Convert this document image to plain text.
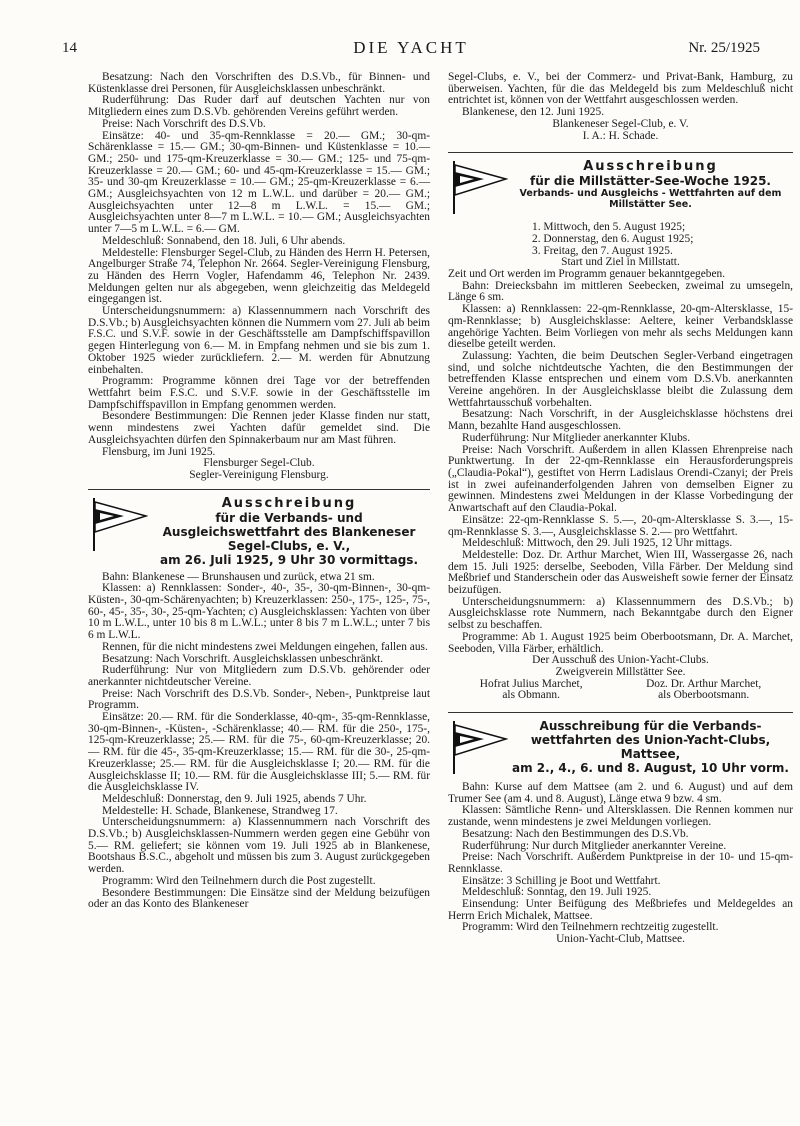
14	DIE YACHT	Nr. 25/1925

Besatzung: Nach den Vorschriften des D.S.Vb., für Binnen- und Küstenklasse drei Personen, für Ausgleichsklassen unbeschränkt.

Ruderführung: Das Ruder darf auf deutschen Yachten nur von Mitgliedern eines zum D.S.Vb. gehörenden Vereins geführt werden.

Preise: Nach Vorschrift des D.S.Vb.

Einsätze: 40- und 35-qm-Rennklasse = 20.— GM.; 30-qm-Schärenklasse = 15.— GM.; 30-qm-Binnen- und Küstenklasse = 10.— GM.; 250- und 175-qm-Kreuzerklasse = 30.— GM.; 125- und 75-qm-Kreuzerklasse = 20.— GM.; 60- und 45-qm-Kreuzerklasse = 15.— GM.; 35- und 30-qm Kreuzerklasse = 10.— GM.; 25-qm-Kreuzerklasse = 6.— GM.; Ausgleichsyachten von 12 m L.W.L. und darüber = 20.— GM.; Ausgleichsyachten unter 12—8 m L.W.L. = 15.— GM.; Ausgleichsyachten unter 8—7 m L.W.L. = 10.— GM.; Ausgleichsyachten unter 7—5 m L.W.L. = 6.— GM.

Meldeschluß: Sonnabend, den 18. Juli, 6 Uhr abends.

Meldestelle: Flensburger Segel-Club, zu Händen des Herrn H. Petersen, Angelburger Straße 74, Telephon Nr. 2664. Segler-Vereinigung Flensburg, zu Händen des Herrn Vogler, Hafendamm 46, Telephon Nr. 2439. Meldungen gelten nur als abgegeben, wenn gleichzeitig das Meldegeld eingegangen ist.

Unterscheidungsnummern: a) Klassennummern nach Vorschrift des D.S.Vb.; b) Ausgleichsyachten können die Nummern vom 27. Juli ab beim F.S.C. und S.V.F. sowie in der Geschäftsstelle am Dampfschiffspavillon gegen Hinterlegung von 6.— M. in Empfang nehmen und sie bis zum 1. Oktober 1925 wieder zurückliefern. 2.— M. werden für Abnutzung einbehalten.

Programm: Programme können drei Tage vor der betreffenden Wettfahrt beim F.S.C. und S.V.F. sowie in der Geschäftsstelle im Dampfschiffspavillon in Empfang genommen werden.

Besondere Bestimmungen: Die Rennen jeder Klasse finden nur statt, wenn mindestens zwei Yachten dafür gemeldet sind. Die Ausgleichsyachten dürfen den Spinnakerbaum nur am Mast führen.

Flensburg, im Juni 1925.

Flensburger Segel-Club.

Segler-Vereinigung Flensburg.

Ausschreibung
für die Verbands- und Ausgleichswettfahrt des Blankeneser Segel-Clubs, e. V.,
am 26. Juli 1925, 9 Uhr 30 vormittags.

Bahn: Blankenese — Brunshausen und zurück, etwa 21 sm.

Klassen: a) Rennklassen: Sonder-, 40-, 35-, 30-qm-Binnen-, 30-qm-Küsten-, 30-qm-Schärenyachten; b) Kreuzerklassen: 250-, 175-, 125-, 75-, 60-, 45-, 35-, 30-, 25-qm-Yachten; c) Ausgleichsklassen: Yachten von über 10 m L.W.L., unter 10 bis 8 m L.W.L.; unter 8 bis 7 m L.W.L.; unter 7 bis 6 m L.W.L.

Rennen, für die nicht mindestens zwei Meldungen eingehen, fallen aus.

Besatzung: Nach Vorschrift. Ausgleichsklassen unbeschränkt.

Ruderführung: Nur von Mitgliedern zum D.S.Vb. gehörender oder anerkannter nichtdeutscher Vereine.

Preise: Nach Vorschrift des D.S.Vb. Sonder-, Neben-, Punktpreise laut Programm.

Einsätze: 20.— RM. für die Sonderklasse, 40-qm-, 35-qm-Rennklasse, 30-qm-Binnen-, -Küsten-, -Schärenklasse; 40.— RM. für die 250-, 175-, 125-qm-Kreuzerklasse; 25.— RM. für die 75-, 60-qm-Kreuzerklasse; 20.— RM. für die 45-, 35-qm-Kreuzerklasse; 15.— RM. für die 30-, 25-qm-Kreuzerklasse; 25.— RM. für die Ausgleichsklasse I; 20.— RM. für die Ausgleichsklasse II; 10.— RM. für die Ausgleichsklasse III; 5.— RM. für die Ausgleichsklasse IV.

Meldeschluß: Donnerstag, den 9. Juli 1925, abends 7 Uhr.

Meldestelle: H. Schade, Blankenese, Strandweg 17.

Unterscheidungsnummern: a) Klassennummern nach Vorschrift des D.S.Vb.; b) Ausgleichsklassen-Nummern werden gegen eine Gebühr von 5.— RM. geliefert; sie können vom 19. Juli 1925 ab in Blankenese, Bootshaus B.S.C., abgeholt und müssen bis zum 3. August zurückgegeben werden.

Programm: Wird den Teilnehmern durch die Post zugestellt.

Besondere Bestimmungen: Die Einsätze sind der Meldung beizufügen oder an das Konto des Blankeneser

Segel-Clubs, e. V., bei der Commerz- und Privat-Bank, Hamburg, zu überweisen. Yachten, für die das Meldegeld bis zum Meldeschluß nicht entrichtet ist, können von der Wettfahrt ausgeschlossen werden.

Blankenese, den 12. Juni 1925.

Blankeneser Segel-Club, e. V.

I. A.: H. Schade.

Ausschreibung
für die Millstätter-See-Woche 1925.
Verbands- und Ausgleichs - Wettfahrten auf dem Millstätter See.

1. Mittwoch, den 5. August 1925;

2. Donnerstag, den 6. August 1925;

3. Freitag, den 7. August 1925.

Start und Ziel in Millstatt.

Zeit und Ort werden im Programm genauer bekanntgegeben.

Bahn: Dreiecksbahn im mittleren Seebecken, zweimal zu umsegeln, Länge 6 sm.

Klassen: a) Rennklassen: 22-qm-Rennklasse, 20-qm-Altersklasse, 15-qm-Rennklasse; b) Ausgleichsklasse: Aeltere, keiner Verbandsklasse angehörige Yachten. Beim Vorliegen von mehr als sechs Meldungen kann dieselbe geteilt werden.

Zulassung: Yachten, die beim Deutschen Segler-Verband eingetragen sind, und solche nichtdeutsche Yachten, die den Bestimmungen der betreffenden Klasse entsprechen und einem vom D.S.Vb. anerkannten Vereine angehören. In der Ausgleichsklasse bleibt die Zulassung dem Wettfahrtausschuß vorbehalten.

Besatzung: Nach Vorschrift, in der Ausgleichsklasse höchstens drei Mann, bezahlte Hand ausgeschlossen.

Ruderführung: Nur Mitglieder anerkannter Klubs.

Preise: Nach Vorschrift. Außerdem in allen Klassen Ehrenpreise nach Punktwertung. In der 22-qm-Rennklasse ein Herausforderungspreis („Claudia-Pokal“), gestiftet von Herrn Ladislaus Orendi-Czanyi; der Preis ist in zwei aufeinanderfolgenden Jahren von demselben Eigner zu gewinnen. Mindestens zwei Meldungen in der Klasse Vorbedingung der Anwartschaft auf den Claudia-Pokal.

Einsätze: 22-qm-Rennklasse S. 5.—, 20-qm-Altersklasse S. 3.—, 15-qm-Rennklasse S. 3.—, Ausgleichsklasse S. 2.— pro Wettfahrt.

Meldeschluß: Mittwoch, den 29. Juli 1925, 12 Uhr mittags.

Meldestelle: Doz. Dr. Arthur Marchet, Wien III, Wassergasse 26, nach dem 15. Juli 1925: derselbe, Seeboden, Villa Färber. Der Meldung sind Meßbrief und Standerschein oder das Ausweisheft sowie ferner der Einsatz beizufügen.

Unterscheidungsnummern: a) Klassennummern des D.S.Vb.; b) Ausgleichsklasse rote Nummern, nach Bekanntgabe durch den Eigner selbst zu beschaffen.

Programme: Ab 1. August 1925 beim Oberbootsmann, Dr. A. Marchet, Seeboden, Villa Färber, erhältlich.

Der Ausschuß des Union-Yacht-Clubs.

Zweigverein Millstätter See.

Hofrat Julius Marchet,
als Obmann.
Doz. Dr. Arthur Marchet,
als Oberbootsmann.
Ausschreibung für die Verbands-
wettfahrten des Union-Yacht-Clubs, Mattsee,
am 2., 4., 6. und 8. August, 10 Uhr vorm.

Bahn: Kurse auf dem Mattsee (am 2. und 6. August) und auf dem Trumer See (am 4. und 8. August), Länge etwa 9 bzw. 4 sm.

Klassen: Sämtliche Renn- und Altersklassen. Die Rennen kommen nur zustande, wenn mindestens je zwei Meldungen vorliegen.

Besatzung: Nach den Bestimmungen des D.S.Vb.

Ruderführung: Nur durch Mitglieder anerkannter Vereine.

Preise: Nach Vorschrift. Außerdem Punktpreise in der 10- und 15-qm-Rennklasse.

Einsätze: 3 Schilling je Boot und Wettfahrt.

Meldeschluß: Sonntag, den 19. Juli 1925.

Einsendung: Unter Beifügung des Meßbriefes und Meldegeldes an Herrn Erich Michalek, Mattsee.

Programm: Wird den Teilnehmern rechtzeitig zugestellt.

Union-Yacht-Club, Mattsee.
